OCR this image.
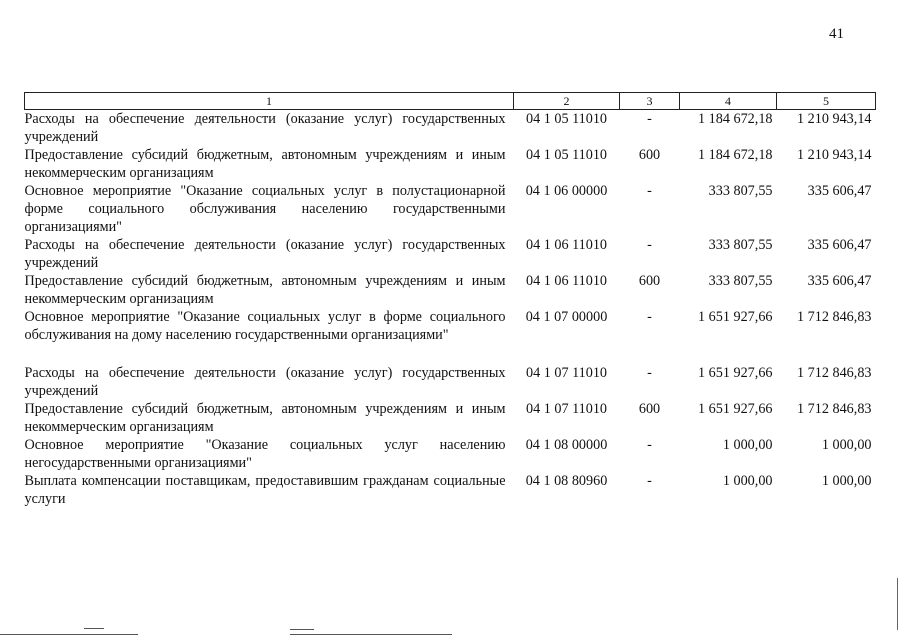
41
1	2	3	4	5
Расходы на обеспечение деятельности (оказание услуг) государственных учреждений	04 1 05 11010	-	1 184 672,18	1 210 943,14
Предоставление субсидий бюджетным, автономным учреждениям и иным некоммерческим организациям	04 1 05 11010	600	1 184 672,18	1 210 943,14
Основное мероприятие "Оказание социальных услуг в полустационарной форме социального обслуживания населению государственными организациями"	04 1 06 00000	-	333 807,55	335 606,47
Расходы на обеспечение деятельности (оказание услуг) государственных учреждений	04 1 06 11010	-	333 807,55	335 606,47
Предоставление субсидий бюджетным, автономным учреждениям и иным некоммерческим организациям	04 1 06 11010	600	333 807,55	335 606,47
Основное мероприятие "Оказание социальных услуг в форме социального обслуживания на дому населению государственными организациями"	04 1 07 00000	-	1 651 927,66	1 712 846,83

Расходы на обеспечение деятельности (оказание услуг) государственных учреждений	04 1 07 11010	-	1 651 927,66	1 712 846,83
Предоставление субсидий бюджетным, автономным учреждениям и иным некоммерческим организациям	04 1 07 11010	600	1 651 927,66	1 712 846,83
Основное мероприятие "Оказание социальных услуг населению негосударственными организациями"	04 1 08 00000	-	1 000,00	1 000,00
Выплата компенсации поставщикам, предоставившим гражданам социальные услуги	04 1 08 80960	-	1 000,00	1 000,00
